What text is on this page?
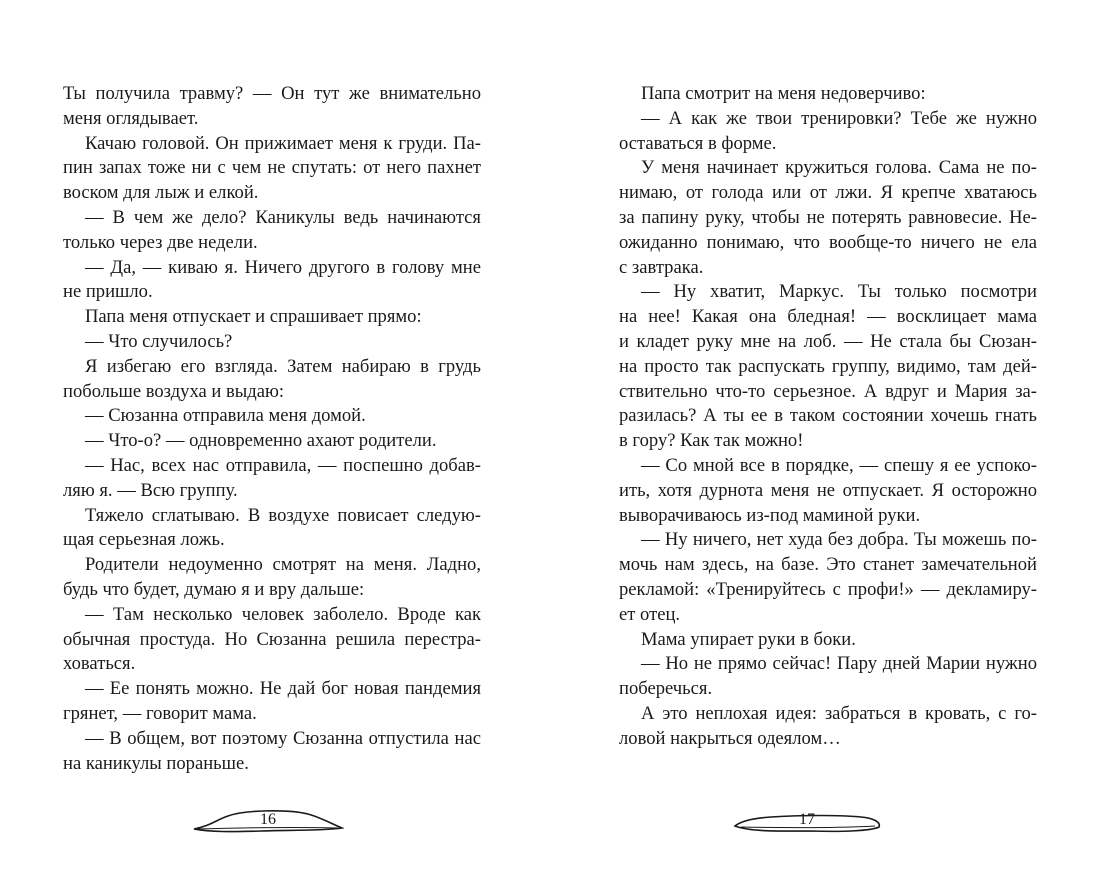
Ты получила травму? — Он тут же внимательно
меня оглядывает.
Качаю головой. Он прижимает меня к груди. Па-
пин запах тоже ни с чем не спутать: от него пахнет
воском для лыж и елкой.
— В чем же дело? Каникулы ведь начинаются
только через две недели.
— Да, — киваю я. Ничего другого в голову мне
не пришло.
Папа меня отпускает и спрашивает прямо:
— Что случилось?
Я избегаю его взгляда. Затем набираю в грудь
побольше воздуха и выдаю:
— Сюзанна отправила меня домой.
— Что-о? — одновременно ахают родители.
— Нас, всех нас отправила, — поспешно добав-
ляю я. — Всю группу.
Тяжело сглатываю. В воздухе повисает следую-
щая серьезная ложь.
Родители недоуменно смотрят на меня. Ладно,
будь что будет, думаю я и вру дальше:
— Там несколько человек заболело. Вроде как
обычная простуда. Но Сюзанна решила перестра-
ховаться.
— Ее понять можно. Не дай бог новая пандемия
грянет, — говорит мама.
— В общем, вот поэтому Сюзанна отпустила нас
на каникулы пораньше.
Папа смотрит на меня недоверчиво:
— А как же твои тренировки? Тебе же нужно
оставаться в форме.
У меня начинает кружиться голова. Сама не по-
нимаю, от голода или от лжи. Я крепче хватаюсь
за папину руку, чтобы не потерять равновесие. Не-
ожиданно понимаю, что вообще-то ничего не ела
с завтрака.
— Ну хватит, Маркус. Ты только посмотри
на нее! Какая она бледная! — восклицает мама
и кладет руку мне на лоб. — Не стала бы Сюзан-
на просто так распускать группу, видимо, там дей-
ствительно что-то серьезное. А вдруг и Мария за-
разилась? А ты ее в таком состоянии хочешь гнать
в гору? Как так можно!
— Со мной все в порядке, — спешу я ее успоко-
ить, хотя дурнота меня не отпускает. Я осторожно
выворачиваюсь из-под маминой руки.
— Ну ничего, нет худа без добра. Ты можешь по-
мочь нам здесь, на базе. Это станет замечательной
рекламой: «Тренируйтесь с профи!» — декламиру-
ет отец.
Мама упирает руки в боки.
— Но не прямо сейчас! Пару дней Марии нужно
поберечься.
А это неплохая идея: забраться в кровать, с го-
ловой накрыться одеялом…
16	17
